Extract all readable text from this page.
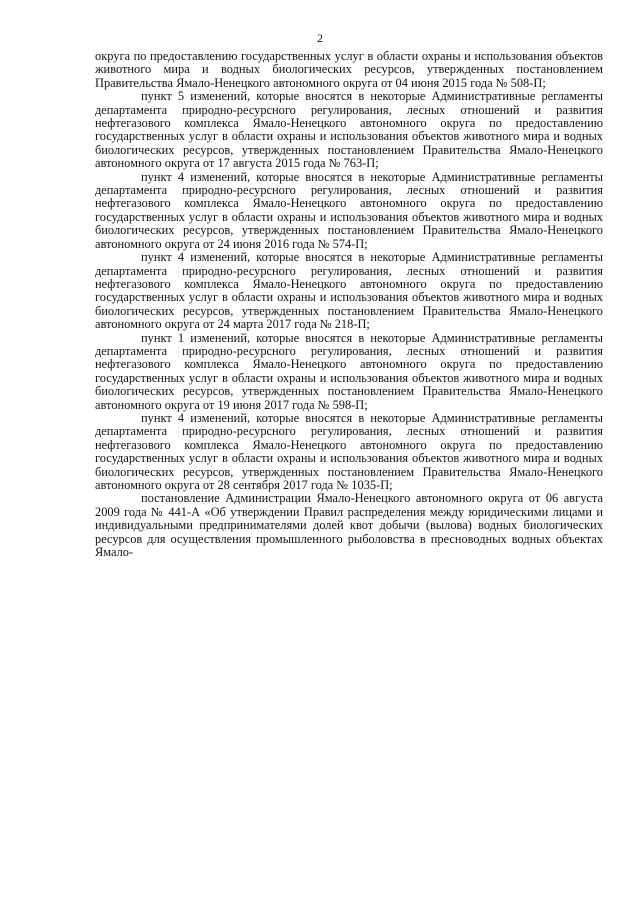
2

округа по предоставлению государственных услуг в области охраны и использования объектов животного мира и водных биологических ресурсов, утвержденных постановлением Правительства Ямало-Ненецкого автономного округа от 04 июня 2015 года № 508-П;

пункт 5 изменений, которые вносятся в некоторые Административные регламенты департамента природно-ресурсного регулирования, лесных отношений и развития нефтегазового комплекса Ямало-Ненецкого автономного округа по предоставлению государственных услуг в области охраны и использования объектов животного мира и водных биологических ресурсов, утвержденных постановлением Правительства Ямало-Ненецкого автономного округа от 17 августа 2015 года № 763-П;

пункт 4 изменений, которые вносятся в некоторые Административные регламенты департамента природно-ресурсного регулирования, лесных отношений и развития нефтегазового комплекса Ямало-Ненецкого автономного округа по предоставлению государственных услуг в области охраны и использования объектов животного мира и водных биологических ресурсов, утвержденных постановлением Правительства Ямало-Ненецкого автономного округа от 24 июня 2016 года № 574-П;

пункт 4 изменений, которые вносятся в некоторые Административные регламенты департамента природно-ресурсного регулирования, лесных отношений и развития нефтегазового комплекса Ямало-Ненецкого автономного округа по предоставлению государственных услуг в области охраны и использования объектов животного мира и водных биологических ресурсов, утвержденных постановлением Правительства Ямало-Ненецкого автономного округа от 24 марта 2017 года № 218-П;

пункт 1 изменений, которые вносятся в некоторые Административные регламенты департамента природно-ресурсного регулирования, лесных отношений и развития нефтегазового комплекса Ямало-Ненецкого автономного округа по предоставлению государственных услуг в области охраны и использования объектов животного мира и водных биологических ресурсов, утвержденных постановлением Правительства Ямало-Ненецкого автономного округа от 19 июня 2017 года № 598-П;

пункт 4 изменений, которые вносятся в некоторые Административные регламенты департамента природно-ресурсного регулирования, лесных отношений и развития нефтегазового комплекса Ямало-Ненецкого автономного округа по предоставлению государственных услуг в области охраны и использования объектов животного мира и водных биологических ресурсов, утвержденных постановлением Правительства Ямало-Ненецкого автономного округа от 28 сентября 2017 года № 1035-П;

постановление Администрации Ямало-Ненецкого автономного округа от 06 августа 2009 года № 441-А «Об утверждении Правил распределения между юридическими лицами и индивидуальными предпринимателями долей квот добычи (вылова) водных биологических ресурсов для осуществления промышленного рыболовства в пресноводных водных объектах Ямало-
